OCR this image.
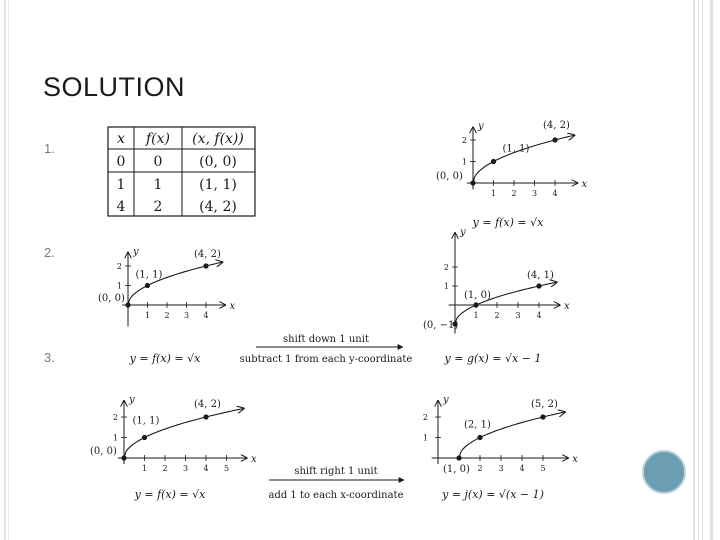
SOLUTION
1.
2.
3.
x f(x) (x, f(x))
0 0	(0, 0)
1 1	(1, 1)
4 2	(4, 2)
x
y
1 2 3 4
1
2
(0, 0)
(1, 1)
(4, 2)
x
y
1 2 3 4
1
2
(0, 0)
(1, 1)
(4, 2)
x
y
1 2 3 4
1
2
(0, −1)
(1, 0)
(4, 1)
x
y
1 2 3 4 5
1
2
(0, 0)
(1, 1)
(4, 2)
x
y
2 3 4 5
1
2
(1, 0)
(2, 1)
(5, 2)
y = f(x) = √x
y = f(x) = √x	y = g(x) = √x − 1
y = f(x) = √x	y = j(x) = √(x − 1)
shift down 1 unit
subtract 1 from each y-coordinate
shift right 1 unit
add 1 to each x-coordinate
